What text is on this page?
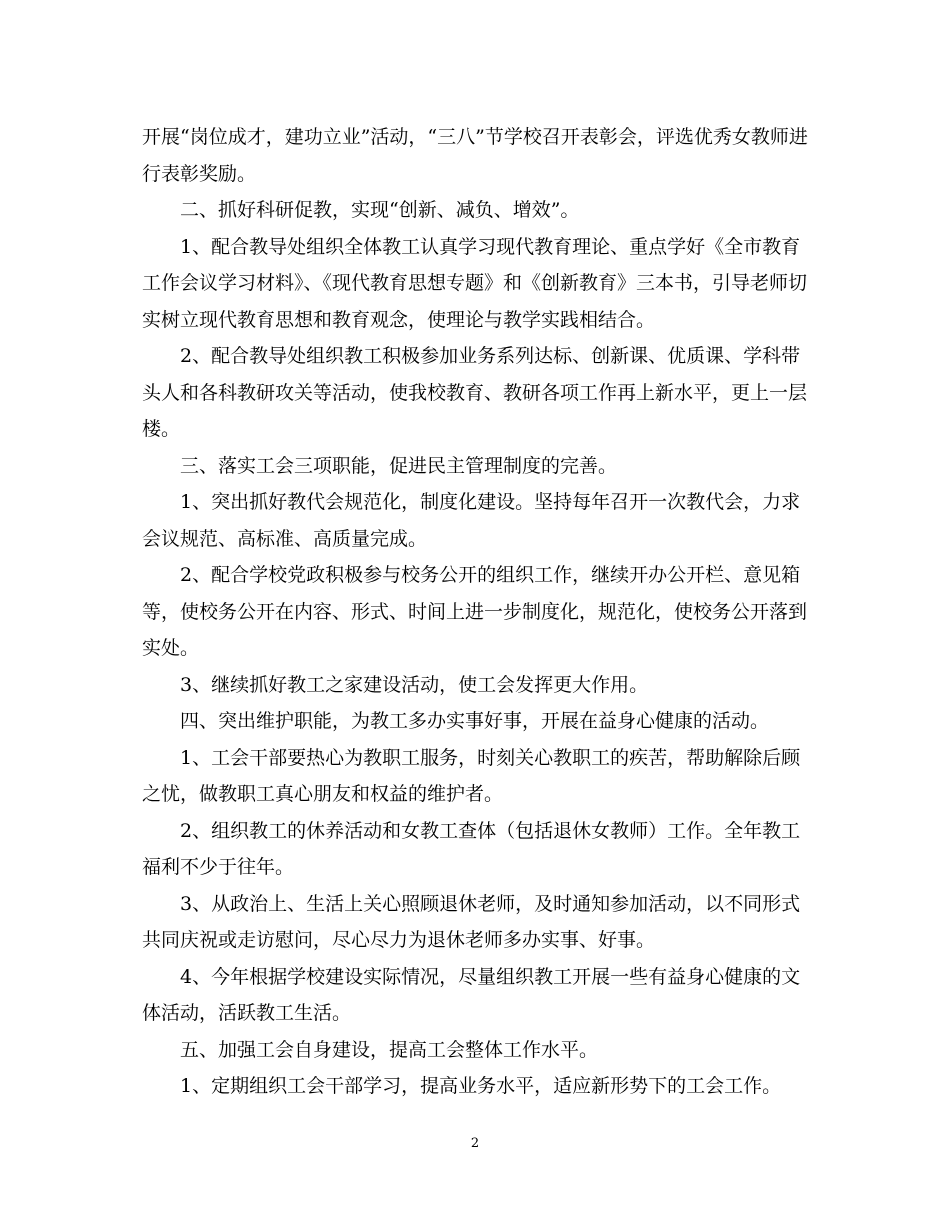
开展“岗位成才，建功立业”活动，“三八”节学校召开表彰会，评选优秀女教师进行表彰奖励。

二、抓好科研促教，实现“创新、减负、增效”。

1、配合教导处组织全体教工认真学习现代教育理论、重点学好《全市教育工作会议学习材料》、《现代教育思想专题》和《创新教育》三本书，引导老师切实树立现代教育思想和教育观念，使理论与教学实践相结合。

2、配合教导处组织教工积极参加业务系列达标、创新课、优质课、学科带头人和各科教研攻关等活动，使我校教育、教研各项工作再上新水平，更上一层楼。

三、落实工会三项职能，促进民主管理制度的完善。

1、突出抓好教代会规范化，制度化建设。坚持每年召开一次教代会，力求会议规范、高标准、高质量完成。

2、配合学校党政积极参与校务公开的组织工作，继续开办公开栏、意见箱等，使校务公开在内容、形式、时间上进一步制度化，规范化，使校务公开落到实处。

3、继续抓好教工之家建设活动，使工会发挥更大作用。

四、突出维护职能，为教工多办实事好事，开展在益身心健康的活动。

1、工会干部要热心为教职工服务，时刻关心教职工的疾苦，帮助解除后顾之忧，做教职工真心朋友和权益的维护者。

2、组织教工的休养活动和女教工查体（包括退休女教师）工作。全年教工福利不少于往年。

3、从政治上、生活上关心照顾退休老师，及时通知参加活动，以不同形式共同庆祝或走访慰问，尽心尽力为退休老师多办实事、好事。

4、今年根据学校建设实际情况，尽量组织教工开展一些有益身心健康的文体活动，活跃教工生活。

五、加强工会自身建设，提高工会整体工作水平。

1、定期组织工会干部学习，提高业务水平，适应新形势下的工会工作。

2
